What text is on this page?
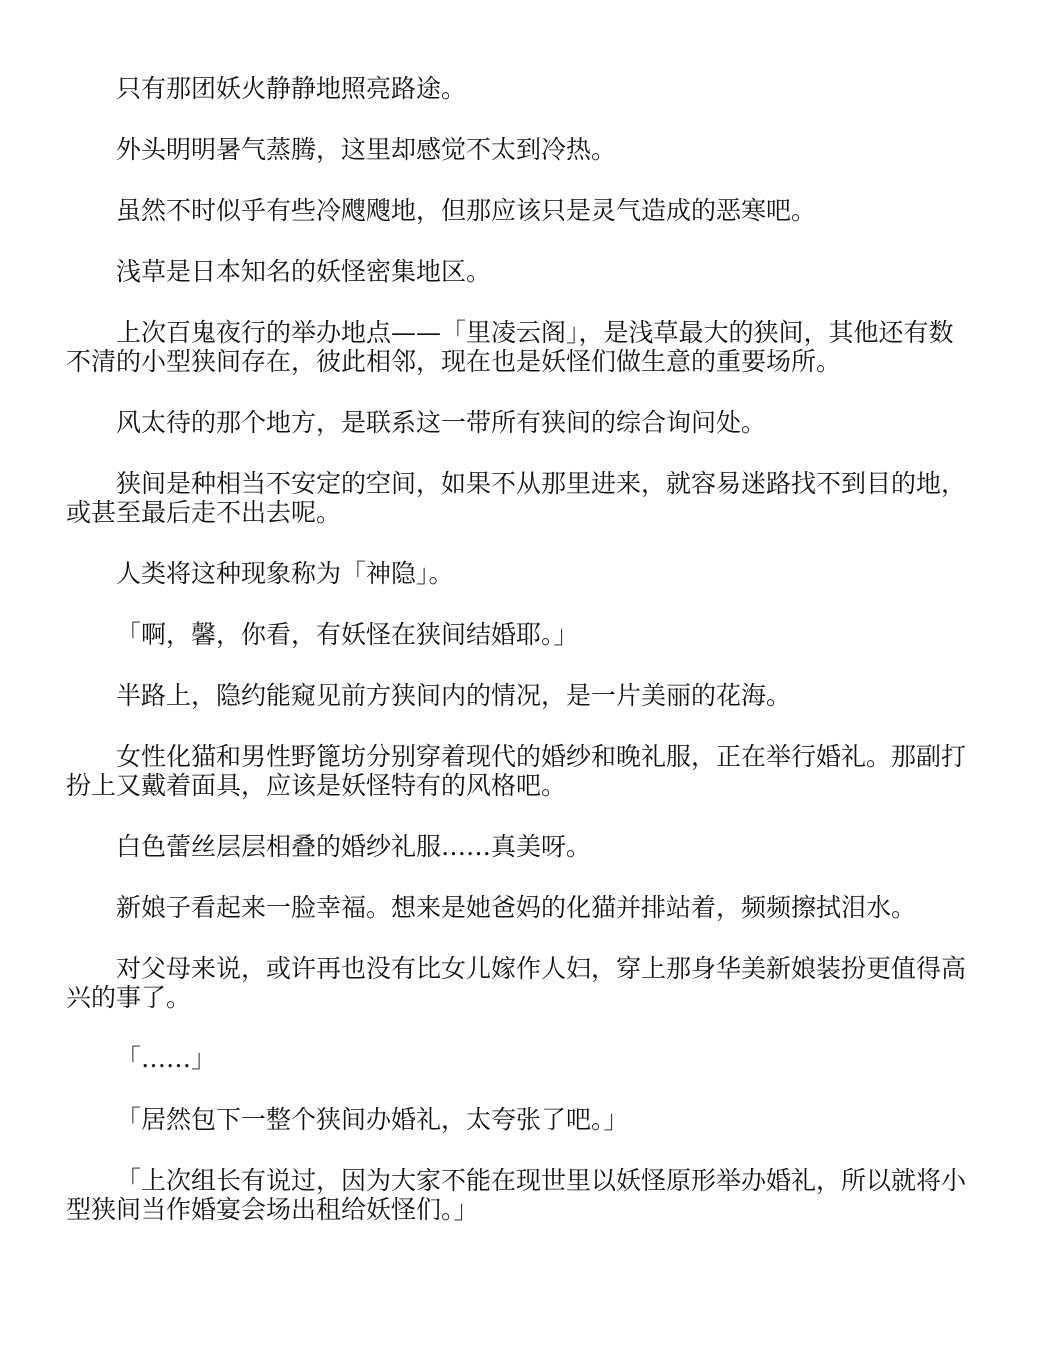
只有那团妖火静静地照亮路途。

外头明明暑气蒸腾，这里却感觉不太到冷热。

虽然不时似乎有些冷飕飕地，但那应该只是灵气造成的恶寒吧。

浅草是日本知名的妖怪密集地区。

上次百鬼夜行的举办地点——「里凌云阁」，是浅草最大的狭间，其他还有数不清的小型狭间存在，彼此相邻，现在也是妖怪们做生意的重要场所。

风太待的那个地方，是联系这一带所有狭间的综合询问处。

狭间是种相当不安定的空间，如果不从那里进来，就容易迷路找不到目的地，或甚至最后走不出去呢。

人类将这种现象称为「神隐」。

「啊，馨，你看，有妖怪在狭间结婚耶。」

半路上，隐约能窥见前方狭间内的情况，是一片美丽的花海。

女性化猫和男性野篦坊分别穿着现代的婚纱和晚礼服，正在举行婚礼。那副打扮上又戴着面具，应该是妖怪特有的风格吧。

白色蕾丝层层相叠的婚纱礼服……真美呀。

新娘子看起来一脸幸福。想来是她爸妈的化猫并排站着，频频擦拭泪水。

对父母来说，或许再也没有比女儿嫁作人妇，穿上那身华美新娘装扮更值得高兴的事了。

「……」

「居然包下一整个狭间办婚礼，太夸张了吧。」

「上次组长有说过，因为大家不能在现世里以妖怪原形举办婚礼，所以就将小型狭间当作婚宴会场出租给妖怪们。」
